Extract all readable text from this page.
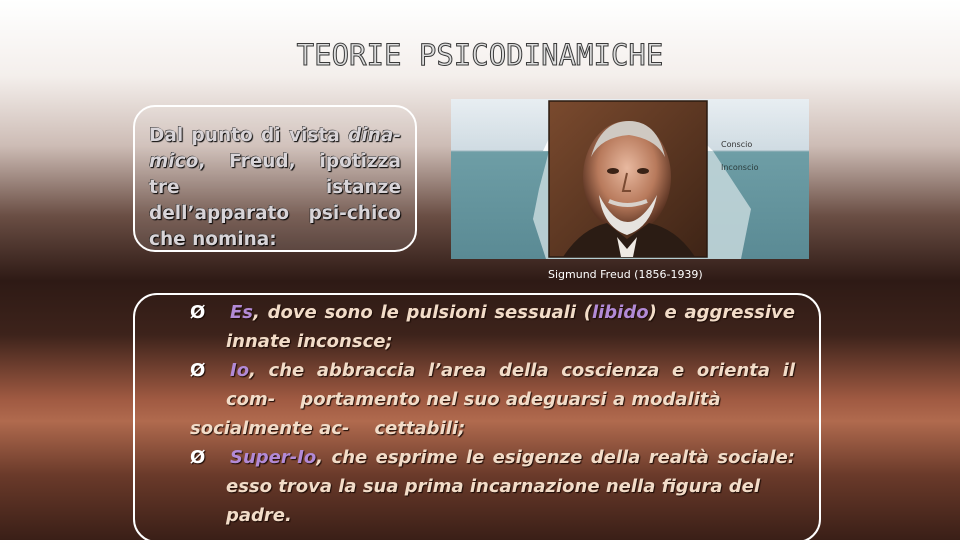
TEORIE PSICODINAMICHE

Dal punto di vista dina-mico, Freud, ipotizza tre istanze dell’apparato psi-chico che nomina:

Conscio
Inconscio
Sigmund Freud (1856-1939)
Ø Es, dove sono le pulsioni sessuali (libido) e aggressive
innate inconsce;
Ø Io, che abbraccia l’area della coscienza e orienta il
com-    portamento nel suo adeguarsi a modalità
socialmente ac-    cettabili;
Ø Super-Io, che esprime le esigenze della realtà sociale:
esso trova la sua prima incarnazione nella figura del
padre.
